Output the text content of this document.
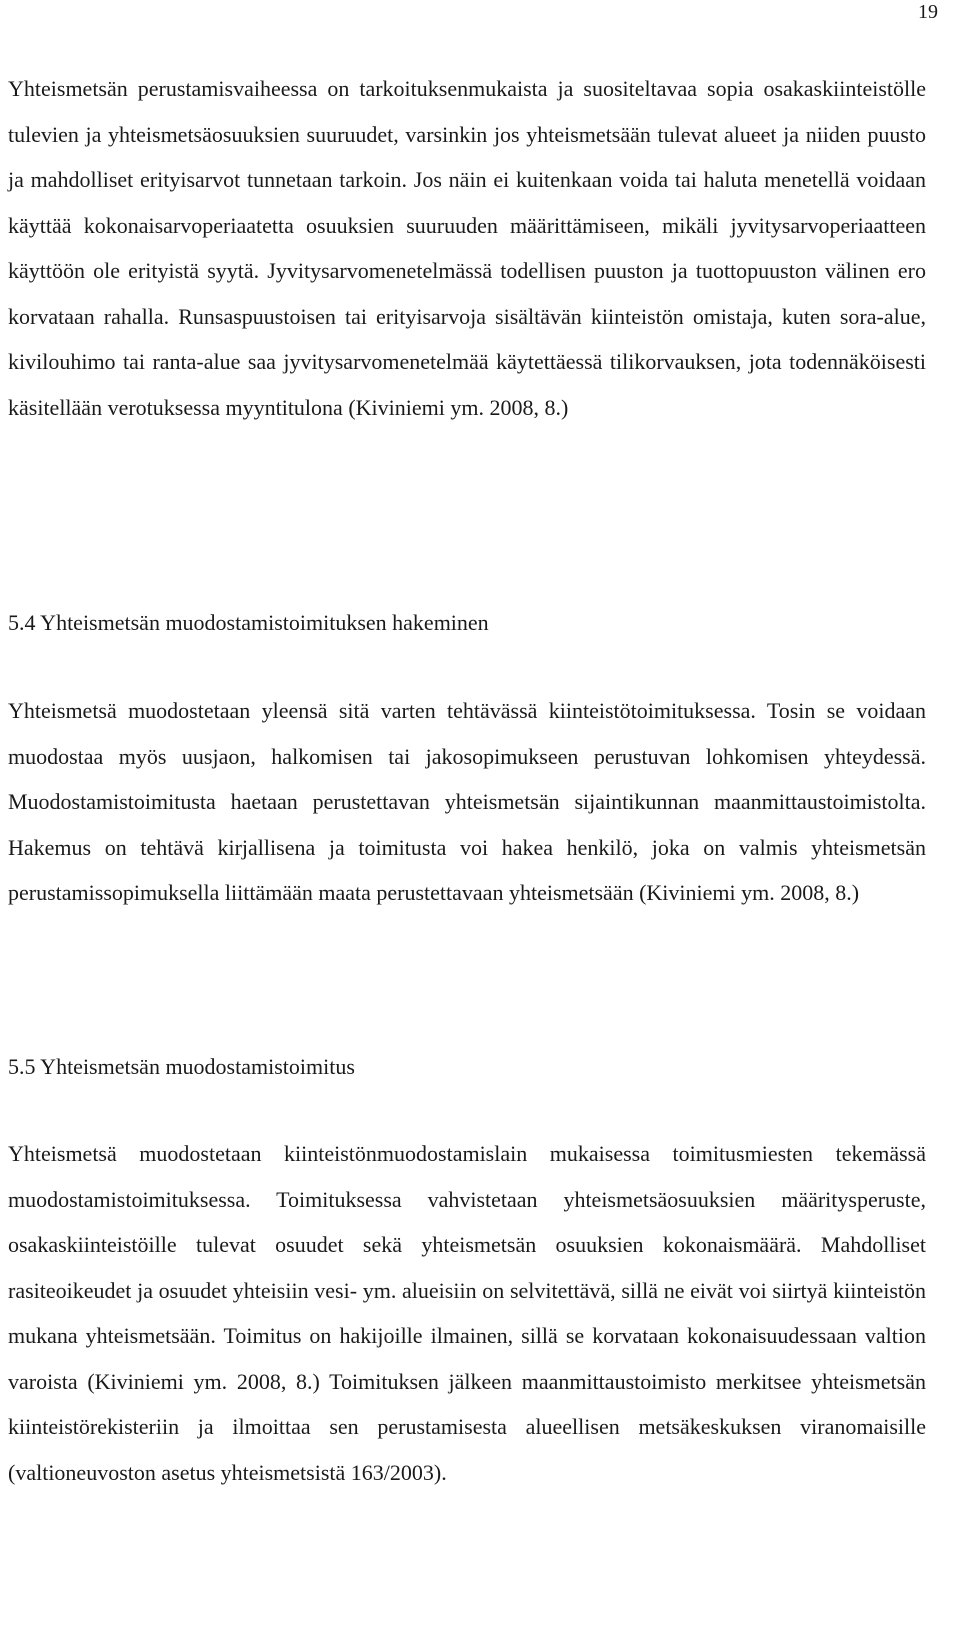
19

Yhteismetsän perustamisvaiheessa on tarkoituksenmukaista ja suositeltavaa sopia osakaskiinteistölle tulevien ja yhteismetsäosuuksien suuruudet, varsinkin jos yhteismetsään tulevat alueet ja niiden puusto ja mahdolliset erityisarvot tunnetaan tarkoin. Jos näin ei kuitenkaan voida tai haluta menetellä voidaan käyttää kokonaisarvoperiaatetta osuuksien suuruuden määrittämiseen, mikäli jyvitysarvoperiaatteen käyttöön ole erityistä syytä. Jyvitysarvomenetelmässä todellisen puuston ja tuottopuuston välinen ero korvataan rahalla. Runsaspuustoisen tai erityisarvoja sisältävän kiinteistön omistaja, kuten sora-alue, kivilouhimo tai ranta-alue saa jyvitysarvomenetelmää käytettäessä tilikorvauksen, jota todennäköisesti käsitellään verotuksessa myyntitulona (Kiviniemi ym. 2008, 8.)

5.4 Yhteismetsän muodostamistoimituksen hakeminen

Yhteismetsä muodostetaan yleensä sitä varten tehtävässä kiinteistötoimituksessa. Tosin se voidaan muodostaa myös uusjaon, halkomisen tai jakosopimukseen perustuvan lohkomisen yhteydessä. Muodostamistoimitusta haetaan perustettavan yhteismetsän sijaintikunnan maanmittaustoimistolta. Hakemus on tehtävä kirjallisena ja toimitusta voi hakea henkilö, joka on valmis yhteismetsän perustamissopimuksella liittämään maata perustettavaan yhteismetsään (Kiviniemi ym. 2008, 8.)

5.5 Yhteismetsän muodostamistoimitus

Yhteismetsä muodostetaan kiinteistönmuodostamislain mukaisessa toimitusmiesten tekemässä muodostamistoimituksessa. Toimituksessa vahvistetaan yhteismetsäosuuksien määritysperuste, osakaskiinteistöille tulevat osuudet sekä yhteismetsän osuuksien kokonaismäärä. Mahdolliset rasiteoikeudet ja osuudet yhteisiin vesi- ym. alueisiin on selvitettävä, sillä ne eivät voi siirtyä kiinteistön mukana yhteismetsään. Toimitus on hakijoille ilmainen, sillä se korvataan kokonaisuudessaan valtion varoista (Kiviniemi ym. 2008, 8.) Toimituksen jälkeen maanmittaustoimisto merkitsee yhteismetsän kiinteistörekisteriin ja ilmoittaa sen perustamisesta alueellisen metsäkeskuksen viranomaisille (valtioneuvoston asetus yhteismetsistä 163/2003).
